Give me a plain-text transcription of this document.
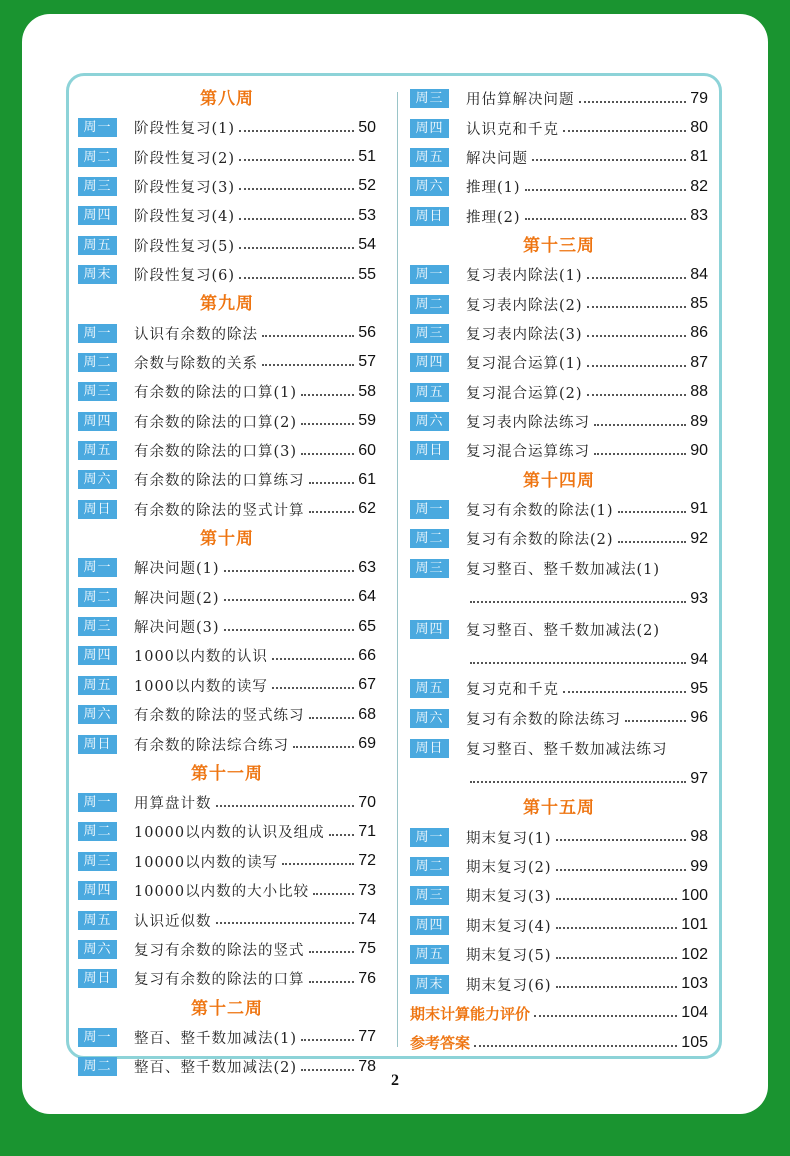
第八周
周一	阶段性复习(1)	50
周二	阶段性复习(2)	51
周三	阶段性复习(3)	52
周四	阶段性复习(4)	53
周五	阶段性复习(5)	54
周末	阶段性复习(6)	55
第九周
周一	认识有余数的除法	56
周二	余数与除数的关系	57
周三	有余数的除法的口算(1)	58
周四	有余数的除法的口算(2)	59
周五	有余数的除法的口算(3)	60
周六	有余数的除法的口算练习	61
周日	有余数的除法的竖式计算	62
第十周
周一	解决问题(1)	63
周二	解决问题(2)	64
周三	解决问题(3)	65
周四	1000以内数的认识	66
周五	1000以内数的读写	67
周六	有余数的除法的竖式练习	68
周日	有余数的除法综合练习	69
第十一周
周一	用算盘计数	70
周二	10000以内数的认识及组成 71
周三	10000以内数的读写	72
周四	10000以内数的大小比较	73
周五	认识近似数	74
周六	复习有余数的除法的竖式	75
周日	复习有余数的除法的口算	76
第十二周
周一	整百、整千数加减法(1)	77
周二	整百、整千数加减法(2)	78
周三	用估算解决问题	79
周四	认识克和千克	80
周五	解决问题	81
周六	推理(1)	82
周日	推理(2)	83
第十三周
周一	复习表内除法(1)	84
周二	复习表内除法(2)	85
周三	复习表内除法(3)	86
周四	复习混合运算(1)	87
周五	复习混合运算(2)	88
周六	复习表内除法练习	89
周日	复习混合运算练习	90
第十四周
周一	复习有余数的除法(1)	91
周二	复习有余数的除法(2)	92
周三	复习整百、整千数加减法(1)
93
周四	复习整百、整千数加减法(2)
94
周五	复习克和千克	95
周六	复习有余数的除法练习	96
周日	复习整百、整千数加减法练习
97
第十五周
周一	期末复习(1)	98
周二	期末复习(2)	99
周三	期末复习(3)	100
周四	期末复习(4)	101
周五	期末复习(5)	102
周末	期末复习(6)	103
期末计算能力评价	104
参考答案	105
2
